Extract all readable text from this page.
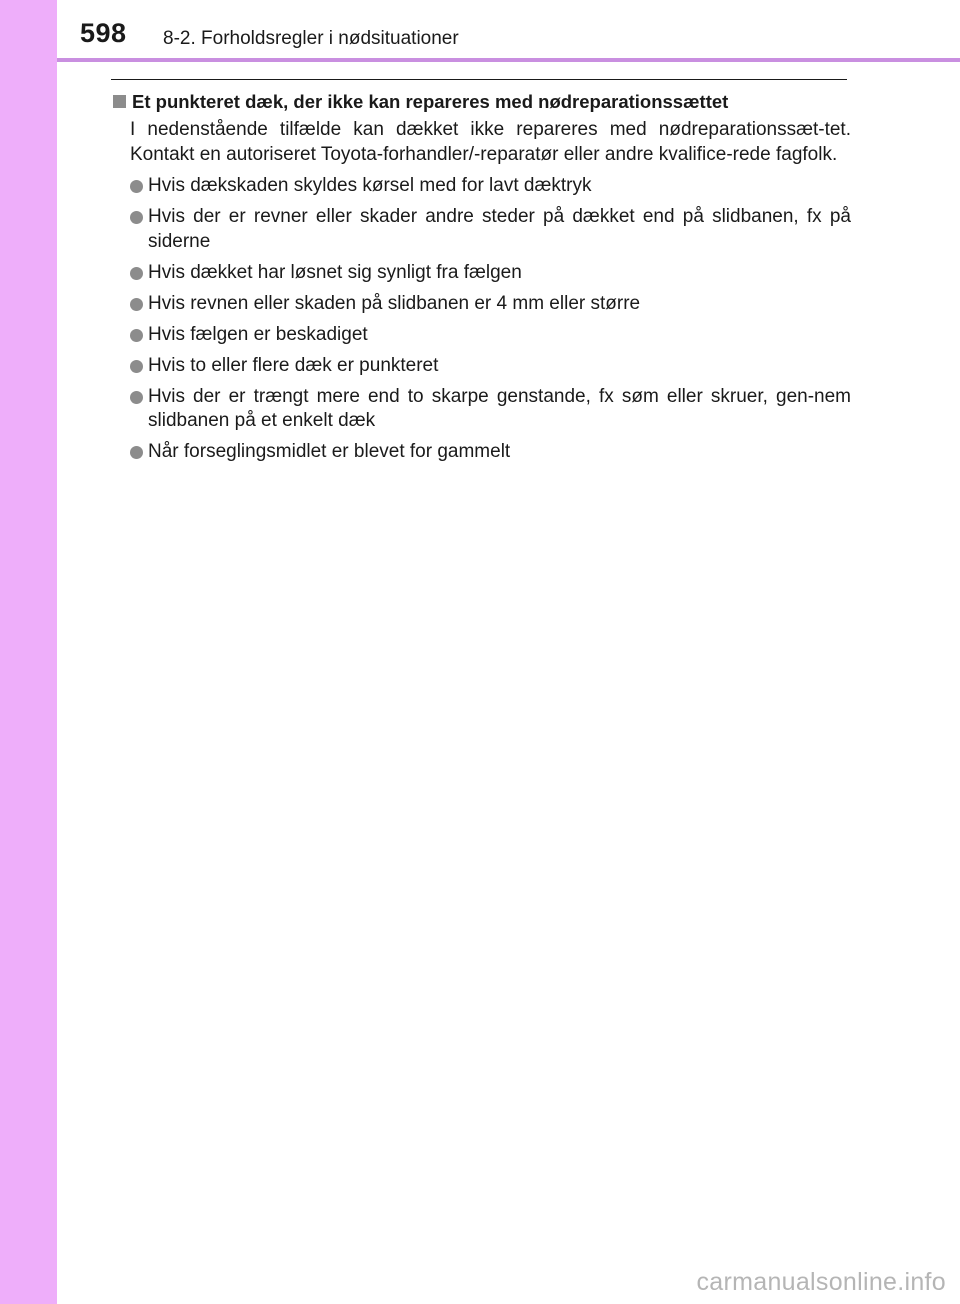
598 8-2. Forholdsregler i nødsituationer
Et punkteret dæk, der ikke kan repareres med nødreparationssættet

I nedenstående tilfælde kan dækket ikke repareres med nødreparationssæt-tet. Kontakt en autoriseret Toyota-forhandler/-reparatør eller andre kvalifice-rede fagfolk.

Hvis dækskaden skyldes kørsel med for lavt dæktryk
Hvis der er revner eller skader andre steder på dækket end på slidbanen, fx på siderne
Hvis dækket har løsnet sig synligt fra fælgen
Hvis revnen eller skaden på slidbanen er 4 mm eller større
Hvis fælgen er beskadiget
Hvis to eller flere dæk er punkteret
Hvis der er trængt mere end to skarpe genstande, fx søm eller skruer, gen-nem slidbanen på et enkelt dæk
Når forseglingsmidlet er blevet for gammelt
carmanualsonline.info
